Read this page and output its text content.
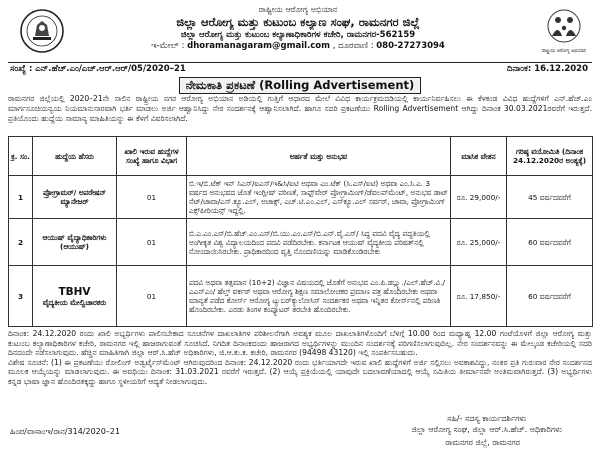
ರಾಷ್ಟ್ರೀಯ ಆರೋಗ್ಯ ಅಭಿಯಾನ
ಜಿಲ್ಲಾ ಆರೋಗ್ಯ ಮತ್ತು ಕುಟುಂಬ ಕಲ್ಯಾಣ ಸಂಘ, ರಾಮನಗರ ಜಿಲ್ಲೆ
ಜಿಲ್ಲಾ ಆರೋಗ್ಯ ಮತ್ತು ಕುಟುಂಬ ಕಲ್ಯಾಣಾಧಿಕಾರಿಗಳ ಕಚೇರಿ, ರಾಮನಗರ-562159
ಇ-ಮೇಲ್ : dhoramanagaram@gmail.com , ದೂರವಾಣಿ : 080-27273094
ರಾಷ್ಟ್ರೀಯ ಆರೋಗ್ಯ ಅಭಿಯಾನ
ಸಂಖ್ಯೆ : ಎನ್.ಹೆಚ್.ಎಂ/ಎಚ್.ಆರ್.ಆರ್/05/2020–21	ದಿನಾಂಕ: 16.12.2020
ನೇಮಕಾತಿ ಪ್ರಕಟಣೆ (Rolling Advertisement)
ರಾಮನಗರ ಜಿಲ್ಲೆಯಲ್ಲಿ 2020–21ನೇ ಸಾಲಿನ ರಾಷ್ಟ್ರೀಯ ನಗರ ಆರೋಗ್ಯ ಅಭಿಯಾನ ಅಡಿಯಲ್ಲಿ ಗುತ್ತಿಗೆ ಆಧಾರದ ಮೇಲೆ ವಿವಿಧ ಕಾರ್ಯಕ್ರಮದಡಿಯಲ್ಲಿ ಕಾರ್ಯನಿರ್ವಹಿಸಲು ಈ ಕೆಳಕಂಡ ವಿವಿಧ ಹುದ್ದೆಗಳಿಗೆ ಎನ್.ಹೆಚ್.ಎಂ ಮಾರ್ಗಸೂಚಿಯನ್ವಯ ನಿಯಮಾನುಸಾರವಾಗಿ ಭರ್ತಿ ಮಾಡಲು ಅರ್ಜಿ ಆಹ್ವಾನಿಸಿದ್ದು ನೇರ ಸಂದರ್ಶನಕ್ಕೆ ಆಹ್ವಾನಿಸಲಾಗಿದೆ. ಹಾಗೂ ಸದರಿ ಪ್ರಕಟಣೆಯು Rolling Advertisement ಆಗಿದ್ದು ದಿನಾಂಕ 30.03.2021ರವರೆಗೆ ಇರುತ್ತದೆ. ಪ್ರತಿಯೊಂದು ಹುದ್ದೆಯ ಸಾಮಾನ್ಯ ಮಾಹಿತಿಯನ್ನು ಈ ಕೆಳಗೆ ವಿವರಿಸಲಾಗಿದೆ.
ಕ್ರ. ಸಂ.	ಹುದ್ದೆಯ ಹೆಸರು	ಖಾಲಿ ಇರುವ ಹುದ್ದೆಗಳ ಸಂಖ್ಯೆ ಹಾಗೂ ವಿಭಾಗ	ಅರ್ಹತೆ ಮತ್ತು ಅನುಭವ	ಮಾಸಿಕ ವೇತನ	ಗರಿಷ್ಠ ವಯೋಮಿತಿ (ದಿನಾಂಕ 24.12.2020ರ ಅಂತ್ಯಕ್ಕೆ)
1	ಪ್ರೋಗ್ರಾಮರ್/ ಅಪರೇಷನ್ ಮ್ಯಾನೇಜರ್	01	ಬಿ.ಇ/ಬಿ.ಟೆಕ್ ಇನ್ ಸಿಎಸ್/ಐಎಸ್/ಇ&ಸಿ/ಐಟಿ ಅಥವಾ ಎಂ.ಟೆಕ್ (ಸಿ.ಎಸ್/ಐಟಿ) ಅಥವಾ ಎಂ.ಸಿ.ಎ. 3 ವರ್ಷದ ಅನುಭವದ ಜೊತೆ ಇಂಗ್ಲೀಷ್ ಪರಿಣತೆ, ಸಾಫ್ಟ್‌ವೇರ್ ಪ್ರೋಗ್ರಾಮಿಂಗ್/ಡೆವಲಪ್‌ಮೆಂಟ್, ಅನುಭವ ಡಾಟ್ ನೆಟ್/ಜಾವಾ/ಎಸ್.ಕ್ಯೂ.ಎಲ್, ಅಜಾಕ್ಸ್, ಎಚ್.ಟಿ.ಎಂ.ಎಲ್, ಎಸ್‌ಕ್ಯೂ.ಎಲ್ ಸರ್ವರ್, ಜಾವಾ, ಪ್ರೋಗ್ರಾಮಿಂಗ್ ಎಕ್ಸ್‌ಪೀರಿಯನ್ಸ್ ಇದ್ದಲ್ಲಿ.	ರೂ. 29,000/-	45 ವರ್ಷದವರೆಗೆ
2	ಆಯುಷ್ ವೈದ್ಯಾಧಿಕಾರಿಗಳು (ಆಯುಷ್)	01	ಬಿ.ಎ.ಎಂ.ಎಸ್/ಬಿ.ಹೆಚ್.ಎಂ.ಎಸ್/ಬಿ.ಯು.ಎಂ.ಎಸ್/ಬಿ.ಎನ್.ವೈ.ಎಸ್/ ಸಿದ್ಧ ಪದವಿ ವೈದ್ಯ ಪದ್ಧತಿಯಲ್ಲಿ ಅಂಗೀಕೃತ ವಿಶ್ವ ವಿದ್ಯಾಲಯದಿಂದ ಪದವಿ ಪಡೆದಿರಬೇಕು. ಕರ್ನಾಟಕ ಆಯುಷ್ ವೈದ್ಯಕೀಯ ಪರಿಷತ್‌ನಲ್ಲಿ ನೋಂದಾಯಿಸಿರಬೇಕು. ಪ್ರಾಧಿಕಾರದಿಂದ ವೃತ್ತಿ ನೊಂದಣಿಯನ್ನು ಮಾಡಿಕೊಂಡಿರಬೇಕು	ರೂ. 25,000/-	60 ವರ್ಷದವರೆಗೆ
3	TBHV
ವೈದ್ಯಕೀಯ ಮೇಲ್ವಿಚಾರಕರು	01	ಪದವಿ ಅಥವಾ ತತ್ಸಮಾನ (10+2) ವಿಜ್ಞಾನ ವಿಷಯದಲ್ಲಿ ಜೊತೆಗೆ ಅನುಭವ ಎಂ.ಪಿ.ಡಬ್ಲ್ಯು./ಎಲ್.ಹೆಚ್.ವಿ./ಎಎನ್‌ಎಂ/ ಹೆಲ್ತ್ ವರ್ಕರ್ ಅಥವಾ ಆರೋಗ್ಯ ಶಿಕ್ಷಣ ಸಮಾಲೋಚಕರ ಪ್ರಮಾಣ ಪತ್ರ ಹೊಂದಿರಬೇಕು ಅಥವಾ ಮಾನ್ಯತೆ ಪಡೆದ ಕೋರ್ಸ್ ಆರೋಗ್ಯ ಟ್ಯುಬರ್‌ಕ್ಯುಲೋಸಿಸ್ ಸಂದರ್ಶಕರ ಅಥವಾ ಇನ್ನಿತರ ಕೋರ್ಸ್‌ನಲ್ಲಿ ಪರಿಣತಿ ಹೊಂದಿರಬೇಕು. ಎರಡು ತಿಂಗಳ ಕಂಪ್ಯೂಟರ್ ತರಬೇತಿ ಹೊಂದಿರಬೇಕು.	ರೂ. 17,850/-	60 ವರ್ಷದವರೆಗೆ
ದಿನಾಂಕ: 24.12.2020 ರಂದು ಖಾಲಿ ಅಭ್ಯರ್ಥಿಗಳು ಪಾಲಿಸಬೇಕಾದ ಸೂಚನೆಗಳ ದಾಖಲಾತಿಗಳ ಪರಿಶೀಲನೆಗಾಗಿ ಅವಶ್ಯಕ ಮೂಲ ದಾಖಲಾತಿಗಳೊಂದಿಗೆ ಬೆಳಿಗ್ಗೆ 10.00 ರಿಂದ ಮಧ್ಯಾಹ್ನ 12.00 ಗಂಟೆಯೊಳಗೆ ಜಿಲ್ಲಾ ಆರೋಗ್ಯ ಮತ್ತು ಕುಟುಂಬ ಕಲ್ಯಾಣಾಧಿಕಾರಿಗಳ ಕಚೇರಿ, ರಾಮನಗರ ಇಲ್ಲಿ ಹಾಜರಾಗುವಂತೆ ಸೂಚಿಸಿದೆ. ನಿಗದಿತ ದಿನಾಂಕದಂದು ಹಾಜರಾಗದ ಅಭ್ಯರ್ಥಿಗಳನ್ನು ಮುಂದಿನ ಸಂದರ್ಶನಕ್ಕೆ ಪರಿಗಣಿಸಲಾಗುವುದಿಲ್ಲ. ನೇರ ಸಂದರ್ಶನವನ್ನು ಈ ಮೇಲ್ಕಂಡ ಕಚೇರಿಯಲ್ಲಿ ಸದರಿ ದಿನದಂದೇ ನಡೆಸಲಾಗುವುದು. ಹೆಚ್ಚಿನ ಮಾಹಿತಿಗಾಗಿ ಜಿಲ್ಲಾ ಆರ್.ಸಿ.ಹೆಚ್ ಅಧಿಕಾರಿಗಳು, ಜಿ.ಆ.ಕು.ಕ. ಕಚೇರಿ, ರಾಮನಗರ (94498 43120) ಇಲ್ಲಿ ಸಂಪರ್ಕಿಸಬಹುದು.
ವಿಶೇಷ ಸೂಚನೆ: (1) ಈ ಪ್ರಕಟಣೆಯು ರೋಲಿಂಗ್ ಅಡ್ವರ್ಟೈಸ್‌ಮೆಂಟ್ ಆಗಿರುವುದರಿಂದ ದಿನಾಂಕ: 24.12.2020 ರಂದು ಭರ್ತಿಯಾಗದೇ ಇರುವ ಖಾಲಿ ಹುದ್ದೆಗಳಿಗೆ ಅರ್ಜಿ ಸಲ್ಲಿಸಲು ಅವಕಾಶವಿದ್ದು, ನಂತರ ಪ್ರತಿ ಗುರುವಾರ ನೇರ ಸಂದರ್ಶನದ ಮೂಲಕ ಆಯ್ಕೆಯನ್ನು ಮಾಡಲಾಗುವುದು. ಈ ಅವಧಿಯು ದಿನಾಂಕ: 31.03.2021 ರವರೆಗೆ ಇರುತ್ತದೆ. (2) ಆಯ್ಕೆ ಪ್ರಕ್ರಿಯೆಯಲ್ಲಿ ಯಾವುದೇ ಬದಲಾವಣೆಯಾದಲ್ಲಿ ಆಯ್ಕೆ ಸಮಿತಿಯ ತೀರ್ಮಾನವೇ ಅಂತಿಮವಾಗಿರುತ್ತದೆ. (3) ಅಭ್ಯರ್ಥಿಗಳು ಕನ್ನಡ ಭಾಷಾ ಜ್ಞಾನ ಹೊಂದಿರತಕ್ಕದ್ದು ಹಾಗೂ ಸ್ಥಳೀಯರಿಗೆ ಆದ್ಯತೆ ನೀಡಲಾಗುವುದು.
ಸಹಿ/- ಸದಸ್ಯ ಕಾರ್ಯದರ್ಶಿಗಳು
ಜಿಲ್ಲಾ ಆರೋಗ್ಯ ಸಂಘ, ಜಿಲ್ಲಾ ಆರ್.ಸಿ.ಹೆಚ್. ಅಧಿಕಾರಿಗಳು
ಹಿಂಪ/ವಾಸಾಂಇ/ರಾನ/314/2020–21
ರಾಮನಗರ ಜಿಲ್ಲೆ, ರಾಮನಗರ
